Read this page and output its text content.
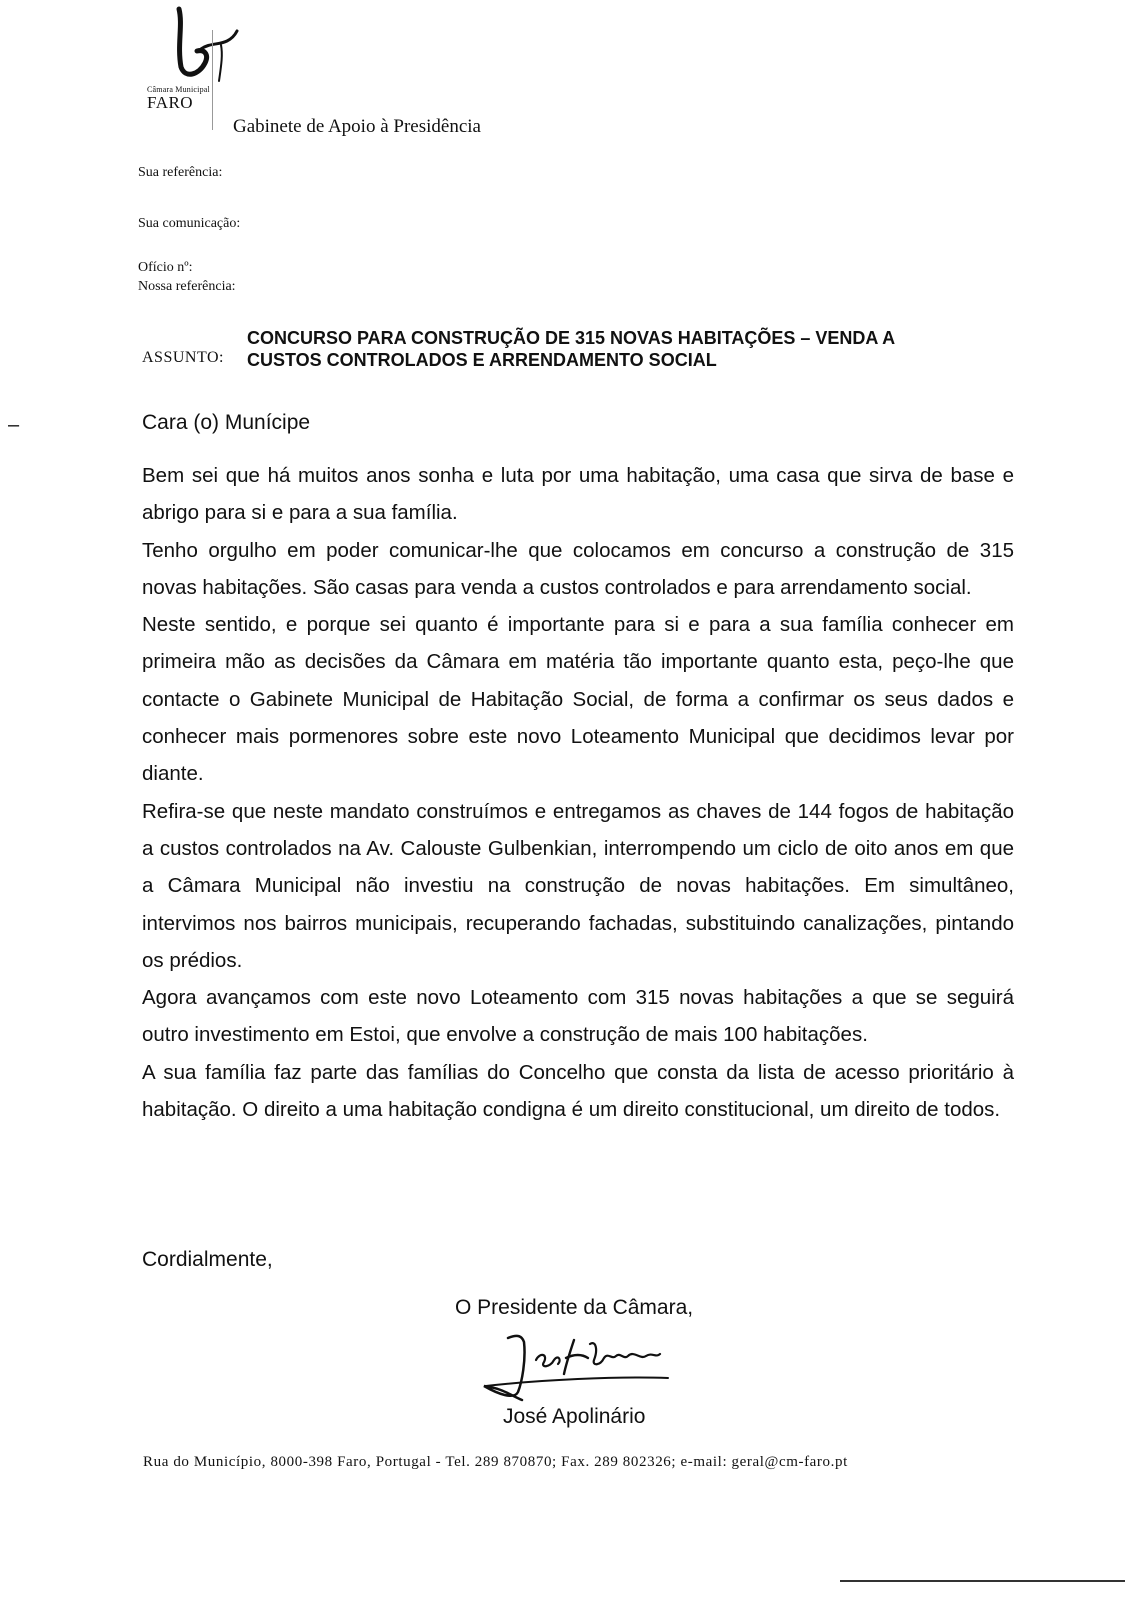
Câmara Municipal
FARO
Gabinete de Apoio à Presidência
Sua referência:
Sua comunicação:
Ofício nº:
Nossa referência:
ASSUNTO:
CONCURSO PARA CONSTRUÇÃO DE 315 NOVAS HABITAÇÕES – VENDA A
CUSTOS CONTROLADOS E ARRENDAMENTO SOCIAL
–	Cara (o) Munícipe

Bem sei que há muitos anos sonha e luta por uma habitação, uma casa que sirva de base e abrigo para si e para a sua família.

Tenho orgulho em poder comunicar-lhe que colocamos em concurso a construção de 315 novas habitações. São casas para venda a custos controlados e para arrendamento social.

Neste sentido, e porque sei quanto é importante para si e para a sua família conhecer em primeira mão as decisões da Câmara em matéria tão importante quanto esta, peço-lhe que contacte o Gabinete Municipal de Habitação Social, de forma a confirmar os seus dados e conhecer mais pormenores sobre este novo Loteamento Municipal que decidimos levar por diante.

Refira-se que neste mandato construímos e entregamos as chaves de 144 fogos de habitação a custos controlados na Av. Calouste Gulbenkian, interrompendo um ciclo de oito anos em que a Câmara Municipal não investiu na construção de novas habitações. Em simultâneo, intervimos nos bairros municipais, recuperando fachadas, substituindo canalizações, pintando os prédios.

Agora avançamos com este novo Loteamento com 315 novas habitações a que se seguirá outro investimento em Estoi, que envolve a construção de mais 100 habitações.

A sua família faz parte das famílias do Concelho que consta da lista de acesso prioritário à habitação. O direito a uma habitação condigna é um direito constitucional, um direito de todos.

Cordialmente,
O Presidente da Câmara,
José Apolinário
Rua do Município, 8000-398 Faro, Portugal - Tel. 289 870870; Fax. 289 802326; e-mail: geral@cm-faro.pt
